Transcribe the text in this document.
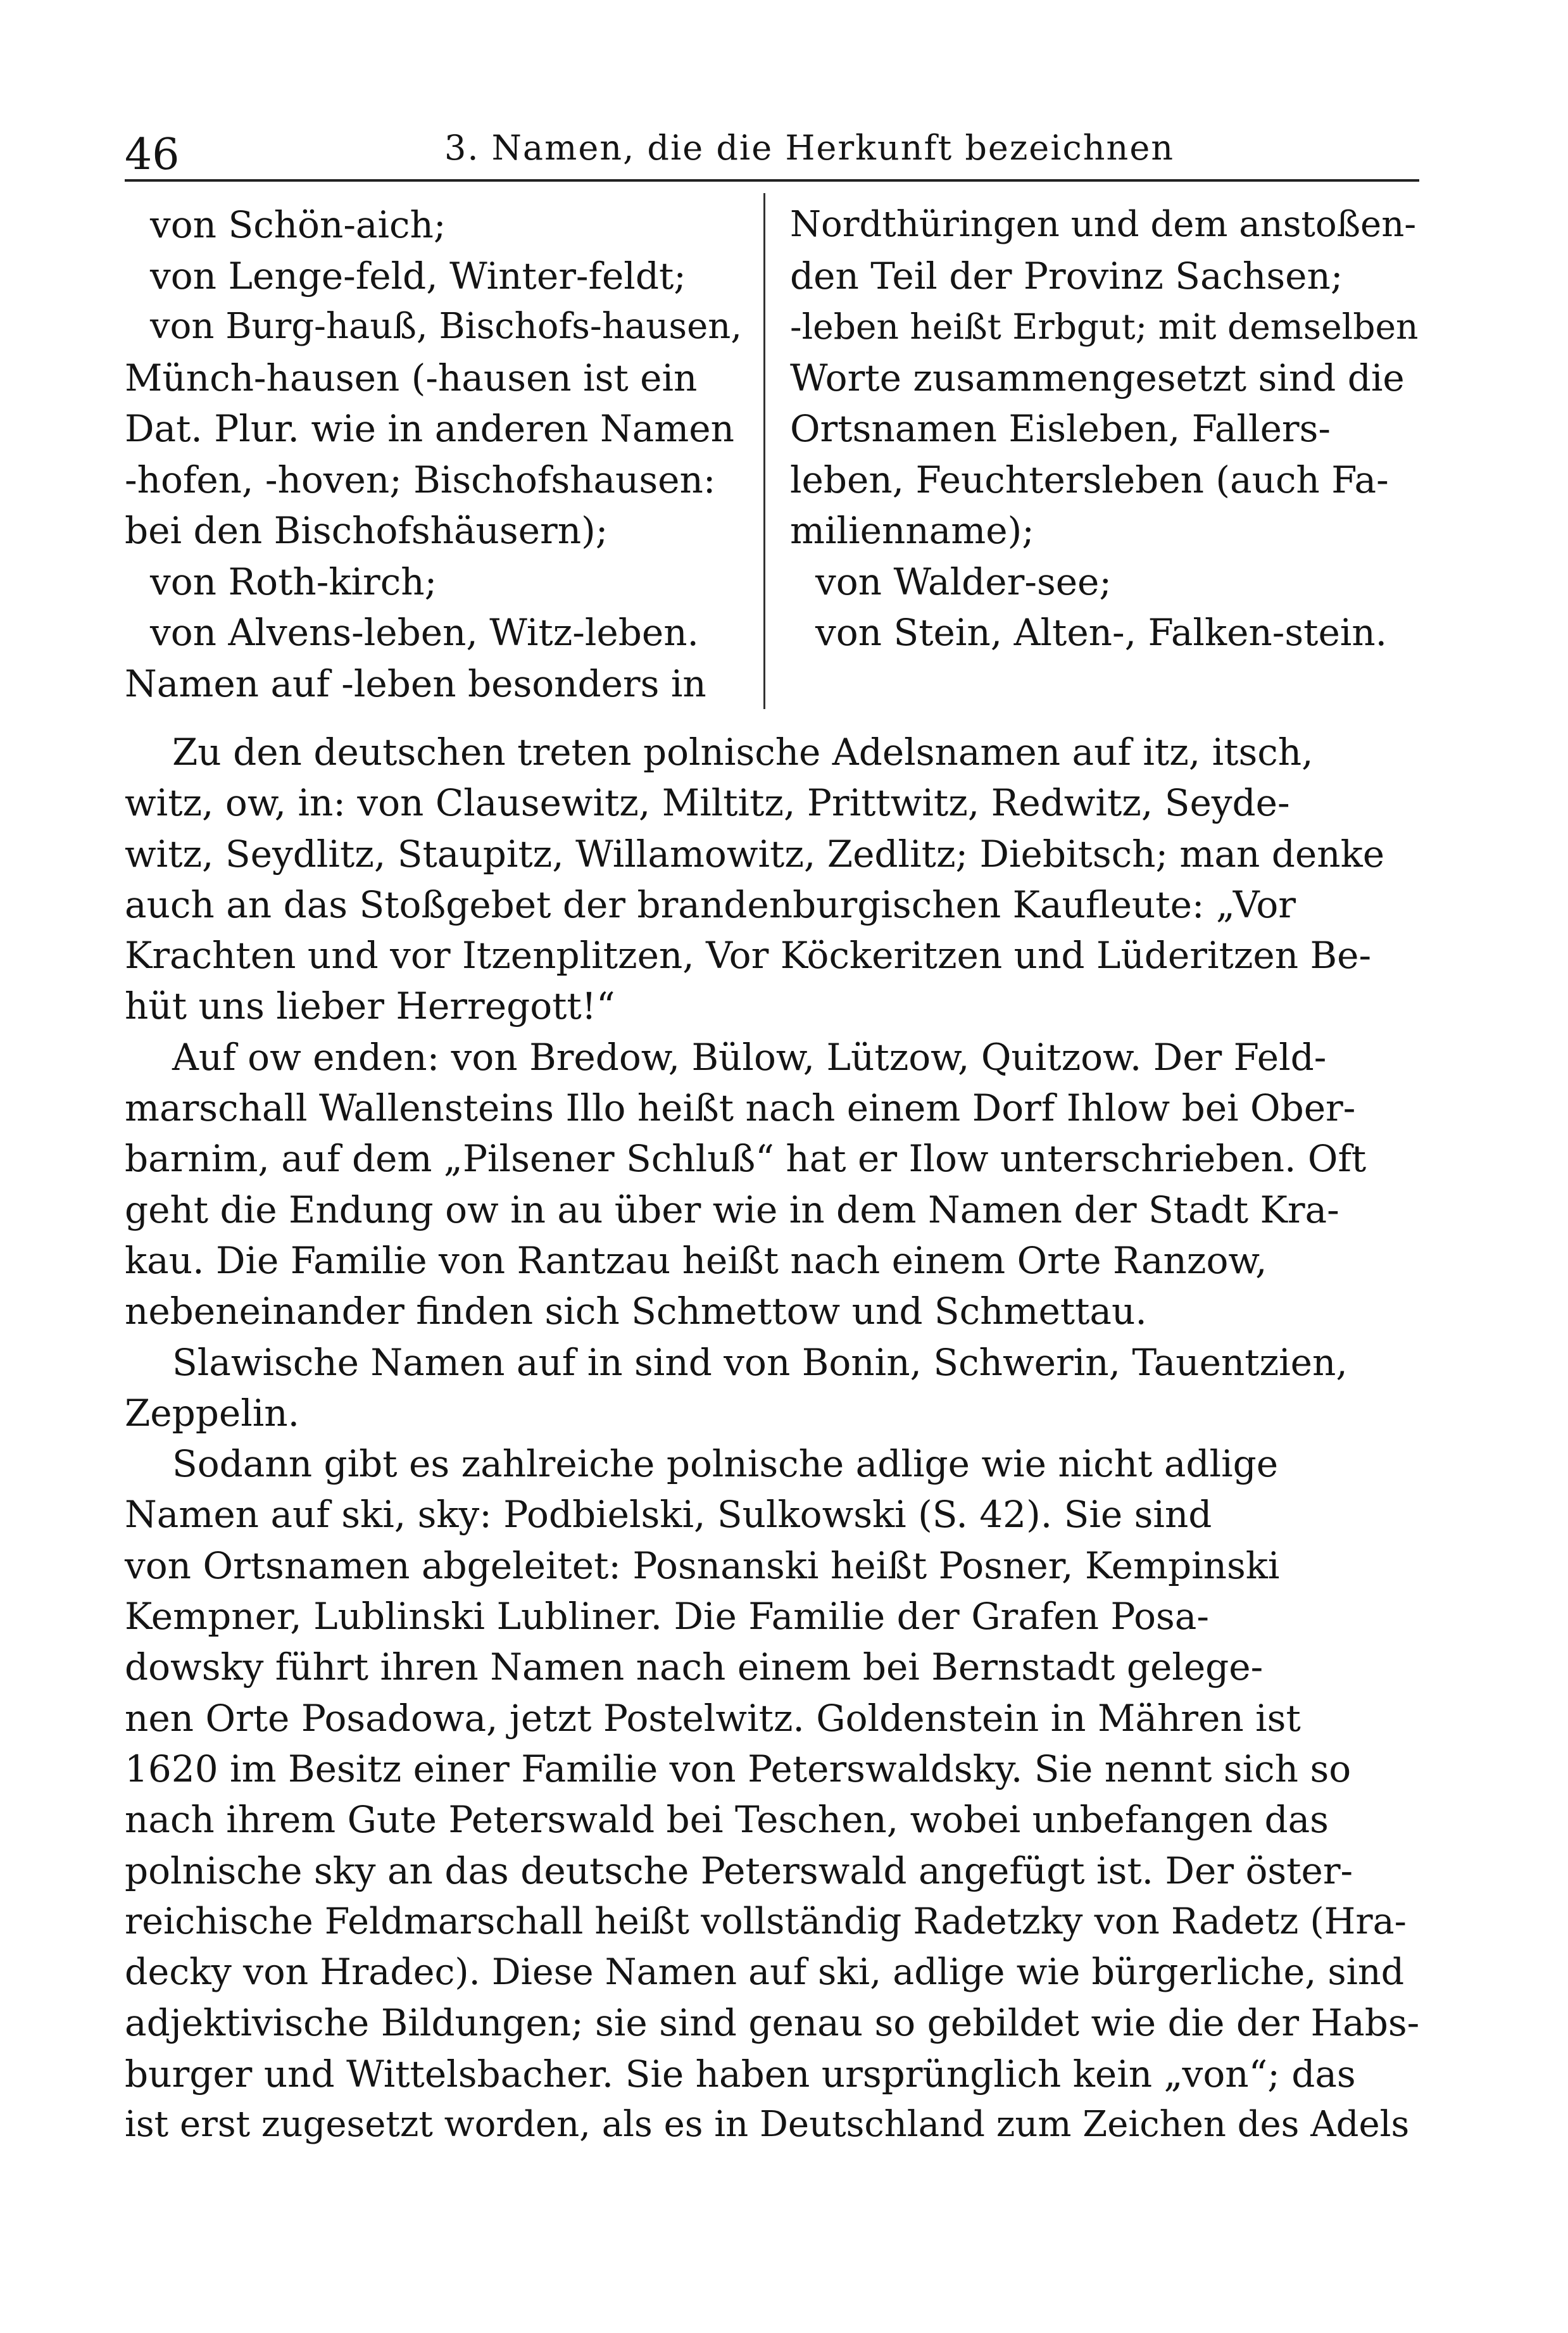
46	3. Namen, die die Herkunft bezeichnen
von Schön-aich;
von Lenge-feld, Winter-feldt;
von Burg-hauß, Bischofs-hausen,
Münch-hausen (-hausen ist ein
Dat. Plur. wie in anderen Namen
-hofen, -hoven; Bischofshausen:
bei den Bischofshäusern);
von Roth-kirch;
von Alvens-leben, Witz-leben.
Namen auf -leben besonders in
Nordthüringen und dem anstoßen-
den Teil der Provinz Sachsen;
-leben heißt Erbgut; mit demselben
Worte zusammengesetzt sind die
Ortsnamen Eisleben, Fallers-
leben, Feuchtersleben (auch Fa-
milienname);
von Walder-see;
von Stein, Alten-, Falken-stein.
Zu den deutschen treten polnische Adelsnamen auf itz, itsch,
witz, ow, in: von Clausewitz, Miltitz, Prittwitz, Redwitz, Seyde-
witz, Seydlitz, Staupitz, Willamowitz, Zedlitz; Diebitsch; man denke
auch an das Stoßgebet der brandenburgischen Kaufleute: „Vor
Krachten und vor Itzenplitzen, Vor Köckeritzen und Lüderitzen Be-
hüt uns lieber Herregott!“
Auf ow enden: von Bredow, Bülow, Lützow, Quitzow. Der Feld-
marschall Wallensteins Illo heißt nach einem Dorf Ihlow bei Ober-
barnim, auf dem „Pilsener Schluß“ hat er Ilow unterschrieben. Oft
geht die Endung ow in au über wie in dem Namen der Stadt Kra-
kau. Die Familie von Rantzau heißt nach einem Orte Ranzow,
nebeneinander finden sich Schmettow und Schmettau.
Slawische Namen auf in sind von Bonin, Schwerin, Tauentzien,
Zeppelin.
Sodann gibt es zahlreiche polnische adlige wie nicht adlige
Namen auf ski, sky: Podbielski, Sulkowski (S. 42). Sie sind
von Ortsnamen abgeleitet: Posnanski heißt Posner, Kempinski
Kempner, Lublinski Lubliner. Die Familie der Grafen Posa-
dowsky führt ihren Namen nach einem bei Bernstadt gelege-
nen Orte Posadowa, jetzt Postelwitz. Goldenstein in Mähren ist
1620 im Besitz einer Familie von Peterswaldsky. Sie nennt sich so
nach ihrem Gute Peterswald bei Teschen, wobei unbefangen das
polnische sky an das deutsche Peterswald angefügt ist. Der öster-
reichische Feldmarschall heißt vollständig Radetzky von Radetz (Hra-
decky von Hradec). Diese Namen auf ski, adlige wie bürgerliche, sind
adjektivische Bildungen; sie sind genau so gebildet wie die der Habs-
burger und Wittelsbacher. Sie haben ursprünglich kein „von“; das
ist erst zugesetzt worden, als es in Deutschland zum Zeichen des Adels
